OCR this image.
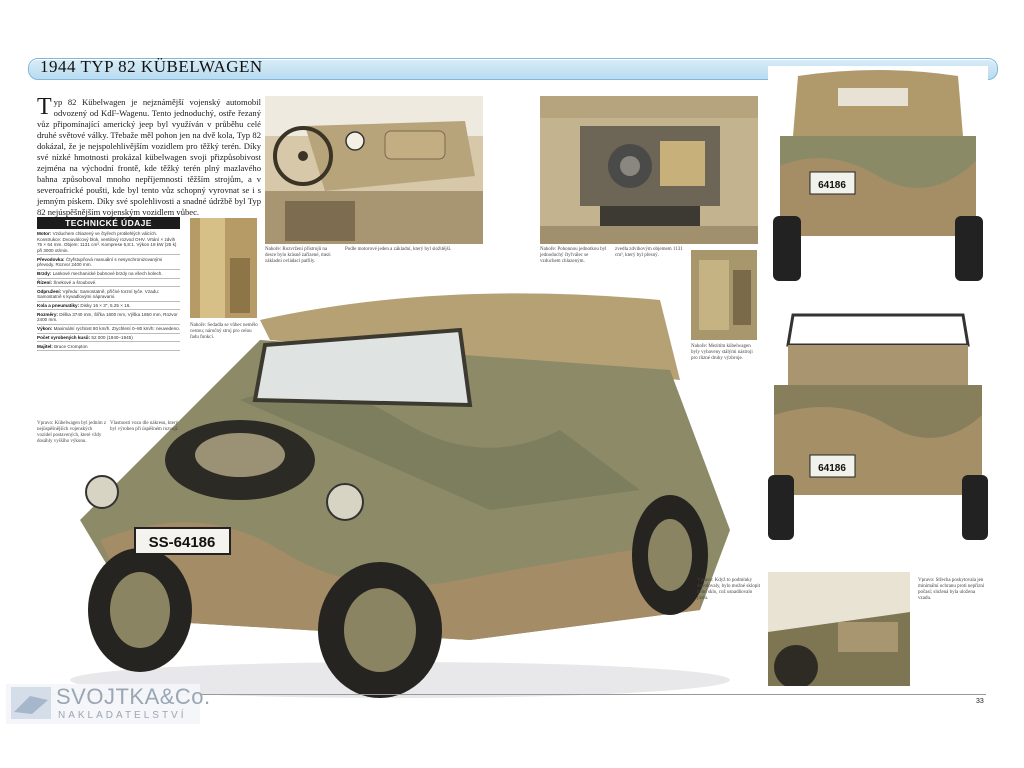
1944 TYP 82 KÜBELWAGEN
Typ 82 Kübelwagen je nejznámější vojenský automobil odvozený od KdF-Wagenu. Tento jednoduchý, ostře řezaný vůz připomínající americký jeep byl využíván v průběhu celé druhé světové války. Třebaže měl pohon jen na dvě kola, Typ 82 dokázal, že je nejspolehlivějším vozidlem pro těžký terén. Díky své nízké hmotnosti prokázal kübelwagen svoji přizpůsobivost zejména na východní frontě, kde těžký terén plný mazlavého bahna způsoboval mnoho nepříjemností těžším strojům, a v severoafrické poušti, kde byl tento vůz schopný vyrovnat se i s jemným pískem. Díky své spolehlivosti a snadné údržbě byl Typ 82 nejúspěšnějším vojenským vozidlem vůbec.
TECHNICKÉ ÚDAJE

Motor: Vzduchem chlazený ve čtyřech protilehlých válcích. Konstrukce: Dvouválcový blok, ventilový rozvod OHV. Vrtání × zdvih 75 × 64 mm. Objem: 1131 cm³. Komprese 5,8:1. Výkon 18 kW (25 k) při 3000 ot/min.

Převodovka: Čtyřstupňová manuální s nesynchronizovanými převody. Rozvor 2400 mm.

Brzdy: Lankové mechanické bubnové brzdy na všech kolech.

Řízení: Šnekové a šroubové.

Odpružení: Vpředu: Samostatně, příčné torzní tyče. Vzadu: Samostatně s kyvadlovými nápravami.

Kola a pneumatiky: Disky 16 × 3", 5.25 × 16.

Rozměry: Délka 3740 mm, Šířka 1600 mm, Výška 1650 mm, Rozvor 2400 mm.

Výkon: Maximální rychlost 80 km/h. Zrychlení 0–80 km/h: neuvedeno.

Počet vyrobených kusů: 52 000 (1940–1945)

Majitel: Bruce Crompton

64186
64186
SS-64186
Nahoře: Rozvržení přístrojů na desce bylo krásně zařízené, mezi základní ovládací patřily.
Podle motorové jeden a základní, který byl složitější.	Nahoře: Pohonnou jednotkou byl jednoduchý čtyřválec se vzduchem chlazeným.
zvedla zdvihovým objemem 1131 cm³, který byl přesný.
Nahoře: Sedadla se vůbec nemělo cestou; náročný stroj pro celou řadu funkcí.
Nahoře: Mezitím kübelwagen byly vybaveny stálými nástroji pro různé druhy výzbroje.
Vpravo: Kübelwagen byl jedním z nejúspěšnějších vojenských vozidel postavených, které vždy dosáhly vyššího výkonu.
Vlastnosti vozu dle nákresu, který byl výroben při úspěšném rozvoji.
Vpravo: Když to podmínky dovolovaly, bylo možné sklopit čelní sklo, což usnadňovalo jízdu.
Vpravo: Střecha poskytovala jen minimální ochranu proti nepřízni počasí; složená byla uložena vzadu.
33
SVOJTKA&Co.
NAKLADATELSTVÍ
